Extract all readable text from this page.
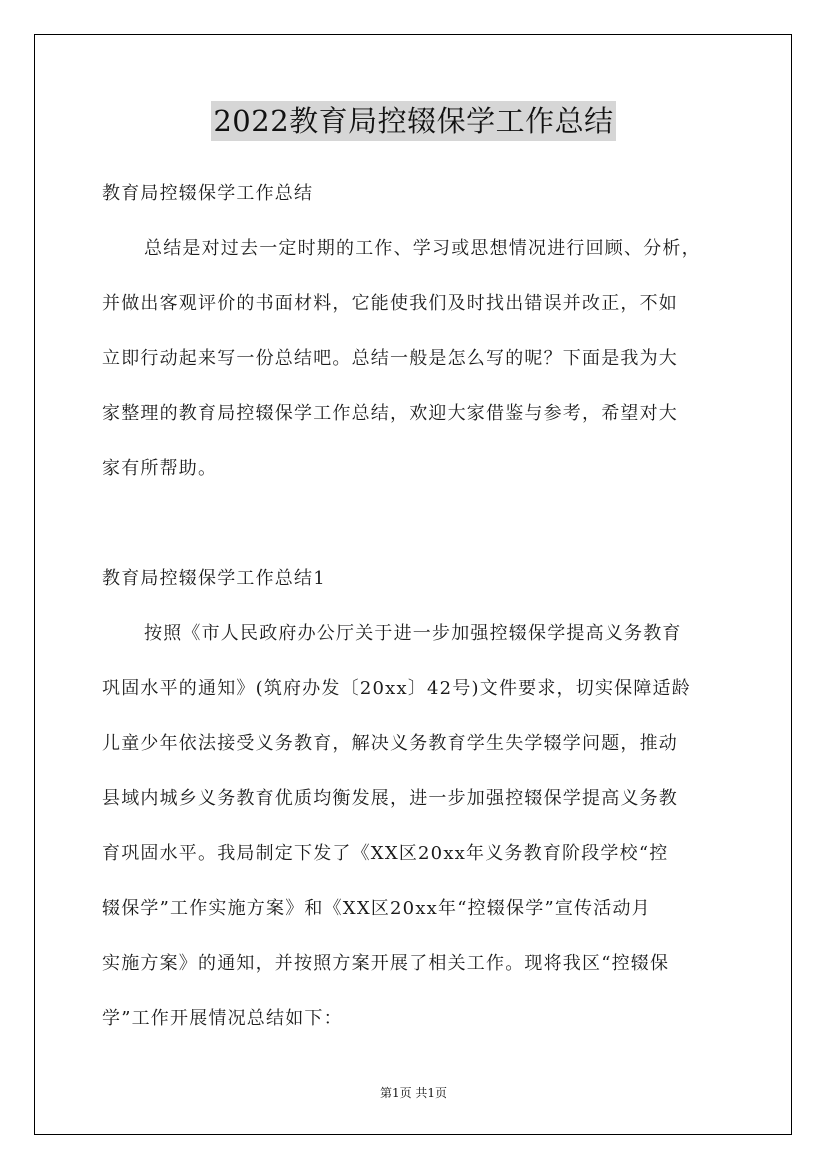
2022教育局控辍保学工作总结
教育局控辍保学工作总结
总结是对过去一定时期的工作、学习或思想情况进行回顾、分析，
并做出客观评价的书面材料，它能使我们及时找出错误并改正，不如
立即行动起来写一份总结吧。总结一般是怎么写的呢？下面是我为大
家整理的教育局控辍保学工作总结，欢迎大家借鉴与参考，希望对大
家有所帮助。
教育局控辍保学工作总结1
按照《市人民政府办公厅关于进一步加强控辍保学提高义务教育
巩固水平的通知》(筑府办发〔20xx〕42号)文件要求，切实保障适龄
儿童少年依法接受义务教育，解决义务教育学生失学辍学问题，推动
县域内城乡义务教育优质均衡发展，进一步加强控辍保学提高义务教
育巩固水平。我局制定下发了《XX区20xx年义务教育阶段学校“控
辍保学”工作实施方案》和《XX区20xx年“控辍保学”宣传活动月
实施方案》的通知，并按照方案开展了相关工作。现将我区“控辍保
学”工作开展情况总结如下：
第1页 共1页
